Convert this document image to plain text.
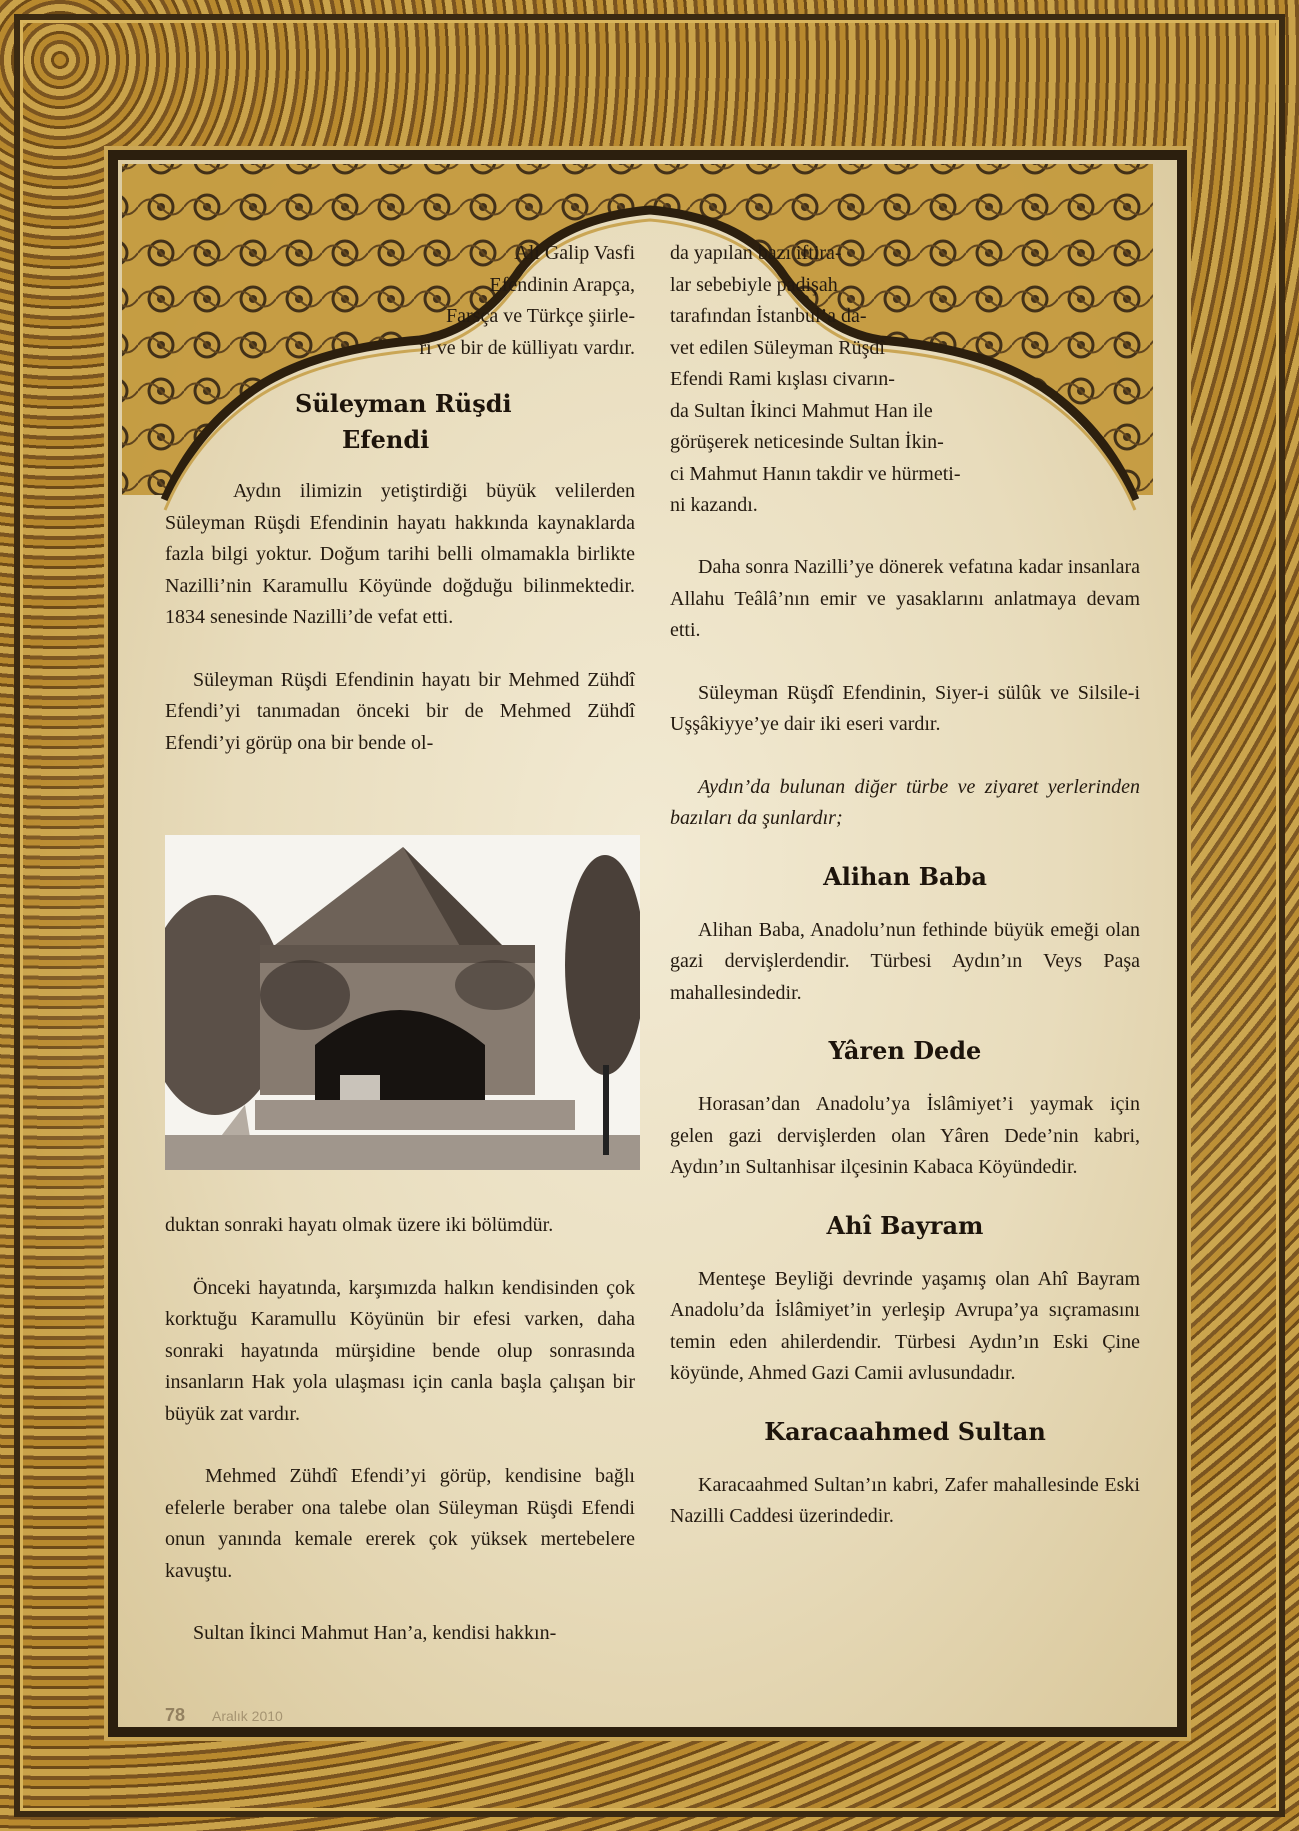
Ali Galip Vasfi
Efendinin Arapça,
Farsça ve Türkçe şiirle-
ri ve bir de külliyatı vardır.
Süleyman Rüşdi
Efendi

Aydın ilimizin yetiştirdiği büyük velilerden Süleyman Rüşdi Efendinin hayatı hakkında kaynaklarda fazla bilgi yoktur. Doğum tarihi belli olmamakla birlikte Nazilli’nin Karamullu Köyünde doğduğu bilinmektedir. 1834 senesinde Nazilli’de vefat etti.

Süleyman Rüşdi Efendinin hayatı bir Mehmed Zühdî Efendi’yi tanımadan önceki bir de Mehmed Zühdî Efendi’yi görüp ona bir bende ol-

duktan sonraki hayatı olmak üzere iki bölümdür.

Önceki hayatında, karşımızda halkın kendisinden çok korktuğu Karamullu Köyünün bir efesi varken, daha sonraki hayatında mürşidine bende olup sonrasında insanların Hak yola ulaşması için canla başla çalışan bir büyük zat vardır.

Mehmed Zühdî Efendi’yi görüp, kendisine bağlı efelerle beraber ona talebe olan Süleyman Rüşdi Efendi onun yanında kemale ererek çok yüksek mertebelere kavuştu.

Sultan İkinci Mahmut Han’a, kendisi hakkın-

da yapılan bazı iftira-
lar sebebiyle padişah
tarafından İstanbul’a da-
vet edilen Süleyman Rüşdî
Efendi Rami kışlası civarın-
da Sultan İkinci Mahmut Han ile
görüşerek neticesinde Sultan İkin-
ci Mahmut Hanın takdir ve hürmeti-
ni kazandı.

Daha sonra Nazilli’ye dönerek vefatına kadar insanlara Allahu Teâlâ’nın emir ve yasaklarını anlatmaya devam etti.

Süleyman Rüşdî Efendinin, Siyer-i sülûk ve Silsile-i Uşşâkiyye’ye dair iki eseri vardır.

Aydın’da bulunan diğer türbe ve ziyaret yerlerinden bazıları da şunlardır;

Alihan Baba

Alihan Baba, Anadolu’nun fethinde büyük emeği olan gazi dervişlerdendir. Türbesi Aydın’ın Veys Paşa mahallesindedir.

Yâren Dede

Horasan’dan Anadolu’ya İslâmiyet’i yaymak için gelen gazi dervişlerden olan Yâren Dede’nin kabri, Aydın’ın Sultanhisar ilçesinin Kabaca Köyündedir.

Ahî Bayram

Menteşe Beyliği devrinde yaşamış olan Ahî Bayram Anadolu’da İslâmiyet’in yerleşip Avrupa’ya sıçramasını temin eden ahilerdendir. Türbesi Aydın’ın Eski Çine köyünde, Ahmed Gazi Camii avlusundadır.

Karacaahmed Sultan

Karacaahmed Sultan’ın kabri, Zafer mahallesinde Eski Nazilli Caddesi üzerindedir.

78 Aralık 2010
